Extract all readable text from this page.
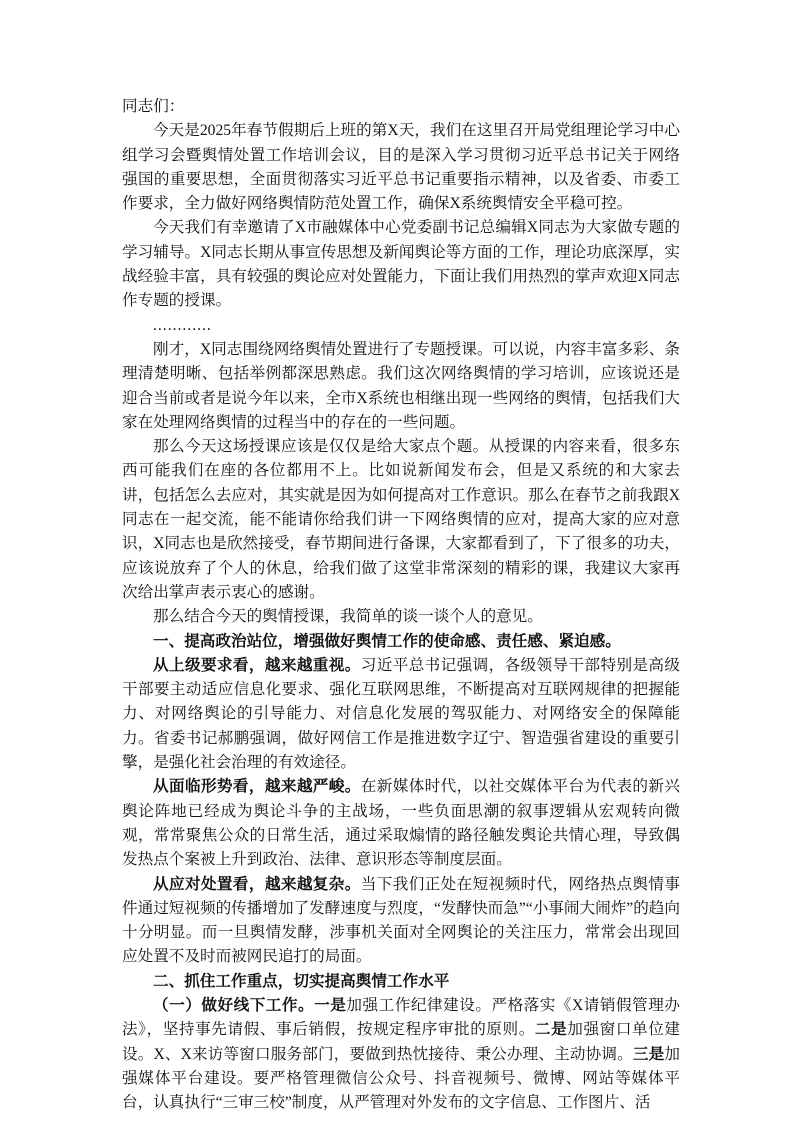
同志们：

今天是2025年春节假期后上班的第X天，我们在这里召开局党组理论学习中心组学习会暨舆情处置工作培训会议，目的是深入学习贯彻习近平总书记关于网络强国的重要思想，全面贯彻落实习近平总书记重要指示精神，以及省委、市委工作要求，全力做好网络舆情防范处置工作，确保X系统舆情安全平稳可控。

今天我们有幸邀请了X市融媒体中心党委副书记总编辑X同志为大家做专题的学习辅导。X同志长期从事宣传思想及新闻舆论等方面的工作，理论功底深厚，实战经验丰富，具有较强的舆论应对处置能力，下面让我们用热烈的掌声欢迎X同志作专题的授课。

............

刚才，X同志围绕网络舆情处置进行了专题授课。可以说，内容丰富多彩、条理清楚明晰、包括举例都深思熟虑。我们这次网络舆情的学习培训，应该说还是迎合当前或者是说今年以来，全市X系统也相继出现一些网络的舆情，包括我们大家在处理网络舆情的过程当中的存在的一些问题。

那么今天这场授课应该是仅仅是给大家点个题。从授课的内容来看，很多东西可能我们在座的各位都用不上。比如说新闻发布会，但是又系统的和大家去讲，包括怎么去应对，其实就是因为如何提高对工作意识。那么在春节之前我跟X同志在一起交流，能不能请你给我们讲一下网络舆情的应对，提高大家的应对意识，X同志也是欣然接受，春节期间进行备课，大家都看到了，下了很多的功夫，应该说放弃了个人的休息，给我们做了这堂非常深刻的精彩的课，我建议大家再次给出掌声表示衷心的感谢。

那么结合今天的舆情授课，我简单的谈一谈个人的意见。

一、提高政治站位，增强做好舆情工作的使命感、责任感、紧迫感。

从上级要求看，越来越重视。习近平总书记强调，各级领导干部特别是高级干部要主动适应信息化要求、强化互联网思维，不断提高对互联网规律的把握能力、对网络舆论的引导能力、对信息化发展的驾驭能力、对网络安全的保障能力。省委书记郝鹏强调，做好网信工作是推进数字辽宁、智造强省建设的重要引擎，是强化社会治理的有效途径。

从面临形势看，越来越严峻。在新媒体时代，以社交媒体平台为代表的新兴舆论阵地已经成为舆论斗争的主战场，一些负面思潮的叙事逻辑从宏观转向微观，常常聚焦公众的日常生活，通过采取煽情的路径触发舆论共情心理，导致偶发热点个案被上升到政治、法律、意识形态等制度层面。

从应对处置看，越来越复杂。当下我们正处在短视频时代，网络热点舆情事件通过短视频的传播增加了发酵速度与烈度，“发酵快而急”“小事闹大闹炸”的趋向十分明显。而一旦舆情发酵，涉事机关面对全网舆论的关注压力，常常会出现回应处置不及时而被网民追打的局面。

二、抓住工作重点，切实提高舆情工作水平

（一）做好线下工作。一是加强工作纪律建设。严格落实《X请销假管理办法》，坚持事先请假、事后销假，按规定程序审批的原则。二是加强窗口单位建设。X、X来访等窗口服务部门，要做到热忱接待、秉公办理、主动协调。三是加强媒体平台建设。要严格管理微信公众号、抖音视频号、微博、网站等媒体平台，认真执行“三审三校”制度，从严管理对外发布的文字信息、工作图片、活
